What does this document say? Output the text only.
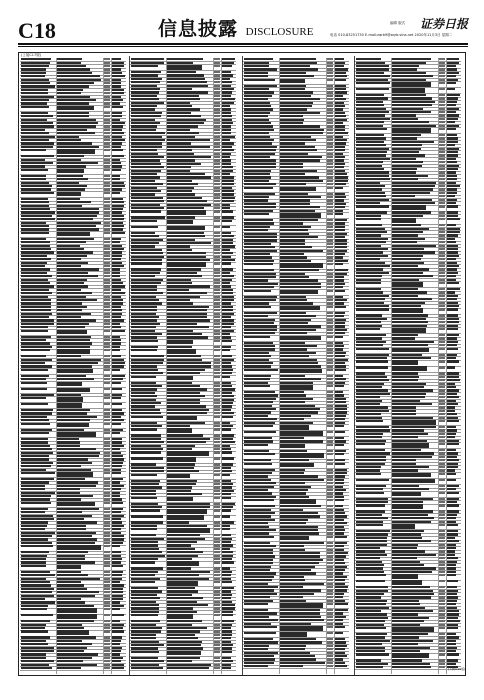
C18	信息披露 DISCLOSURE
编辑 版式 证券日报
电话 010-83251730 E-mail:zqrb9@zqrb.sina.net 2020年11月3日 星期二
(上接C17版)
(下转C19版)
